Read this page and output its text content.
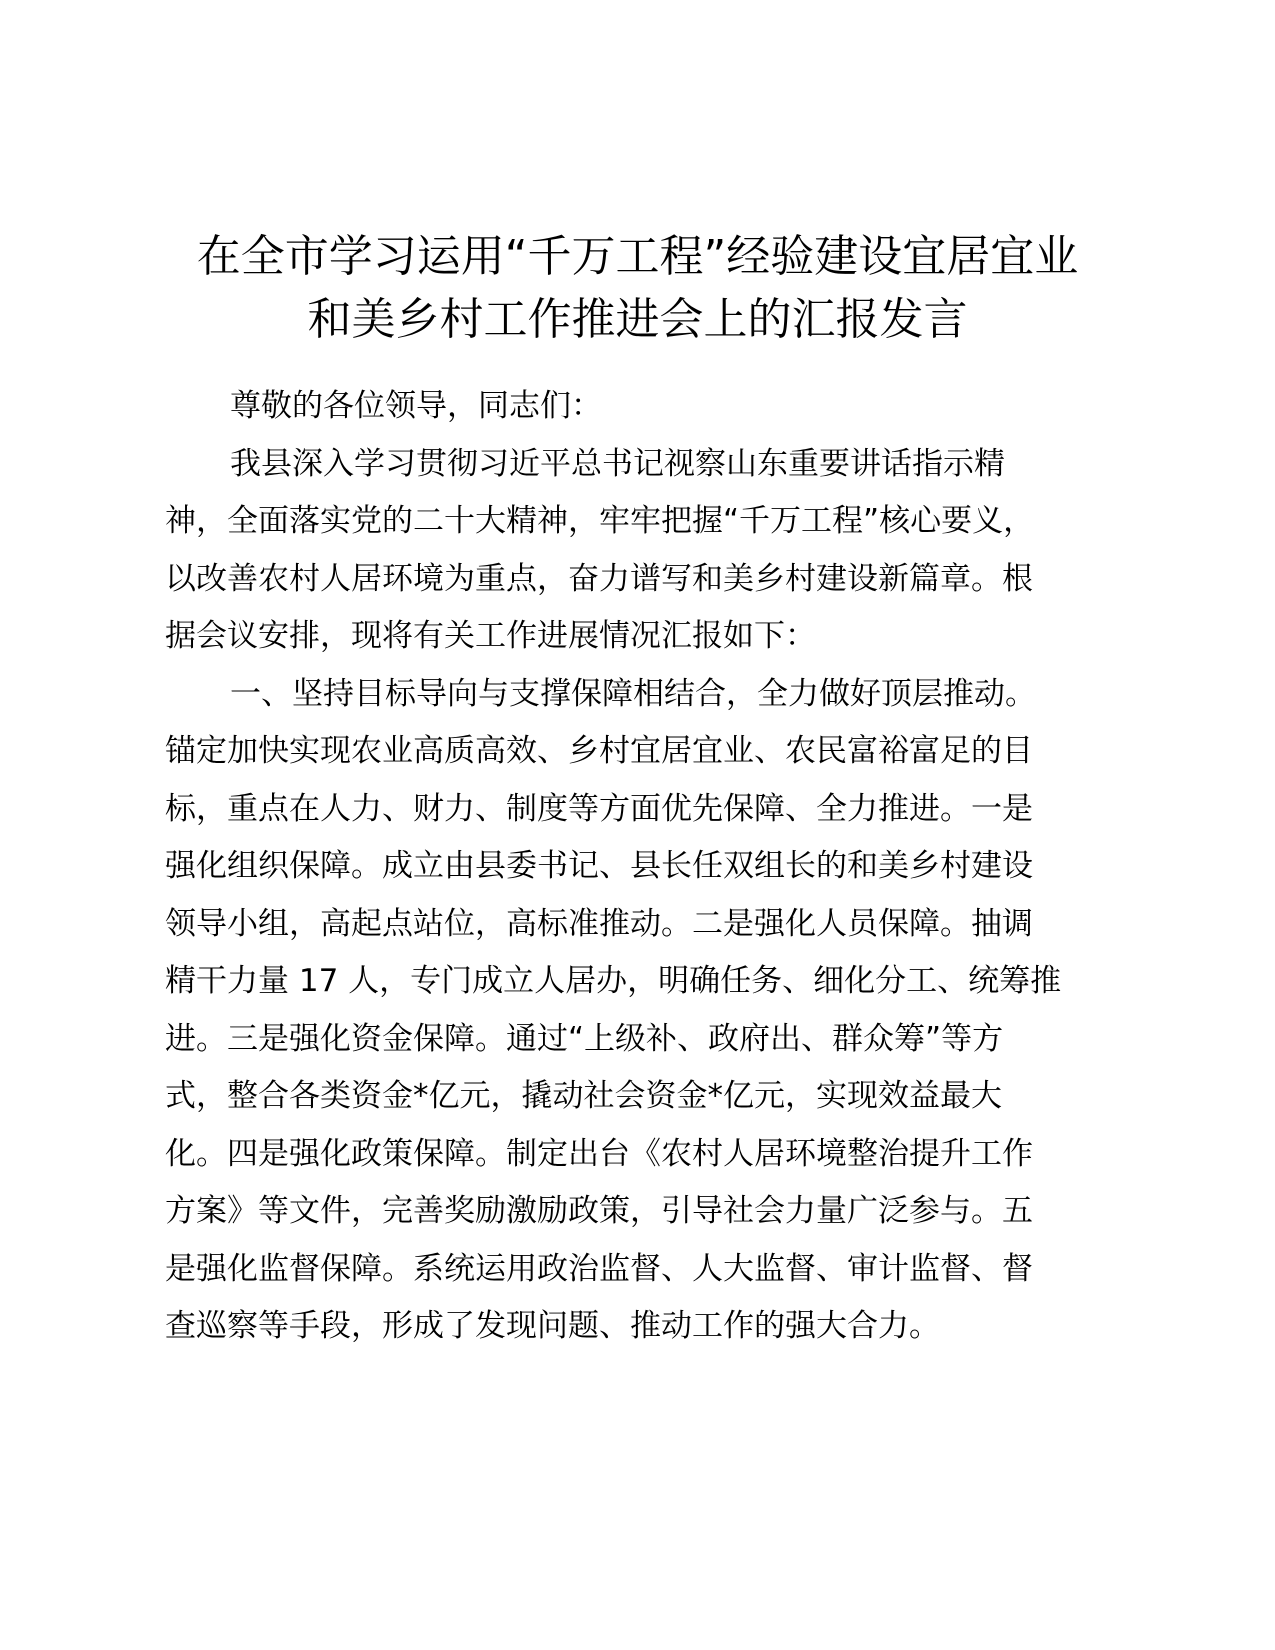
在全市学习运用“千万工程”经验建设宜居宜业
和美乡村工作推进会上的汇报发言
尊敬的各位领导，同志们：
我县深入学习贯彻习近平总书记视察山东重要讲话指示精
神，全面落实党的二十大精神，牢牢把握“千万工程”核心要义，
以改善农村人居环境为重点，奋力谱写和美乡村建设新篇章。根
据会议安排，现将有关工作进展情况汇报如下：
一、坚持目标导向与支撑保障相结合，全力做好顶层推动。
锚定加快实现农业高质高效、乡村宜居宜业、农民富裕富足的目
标，重点在人力、财力、制度等方面优先保障、全力推进。一是
强化组织保障。成立由县委书记、县长任双组长的和美乡村建设
领导小组，高起点站位，高标准推动。二是强化人员保障。抽调
精干力量 17 人，专门成立人居办，明确任务、细化分工、统筹推
进。三是强化资金保障。通过“上级补、政府出、群众筹”等方
式，整合各类资金*亿元，撬动社会资金*亿元，实现效益最大
化。四是强化政策保障。制定出台《农村人居环境整治提升工作
方案》等文件，完善奖励激励政策，引导社会力量广泛参与。五
是强化监督保障。系统运用政治监督、人大监督、审计监督、督
查巡察等手段，形成了发现问题、推动工作的强大合力。
